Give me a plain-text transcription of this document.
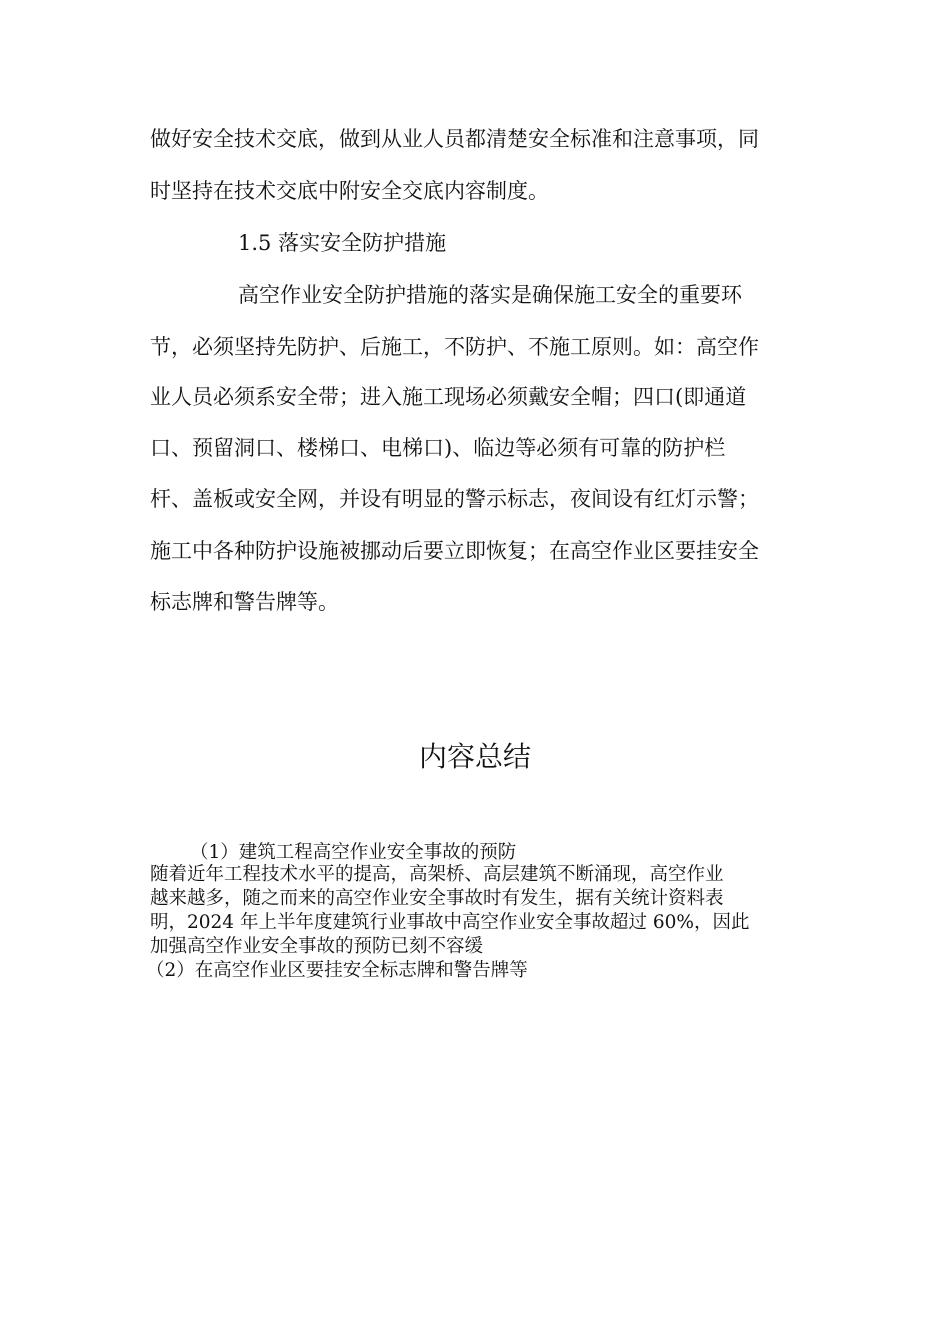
做好安全技术交底，做到从业人员都清楚安全标准和注意事项，同
时坚持在技术交底中附安全交底内容制度。
1.5 落实安全防护措施
高空作业安全防护措施的落实是确保施工安全的重要环
节，必须坚持先防护、后施工，不防护、不施工原则。如：高空作
业人员必须系安全带；进入施工现场必须戴安全帽；四口(即通道
口、预留洞口、楼梯口、电梯口)、临边等必须有可靠的防护栏
杆、盖板或安全网，并设有明显的警示标志，夜间设有红灯示警；
施工中各种防护设施被挪动后要立即恢复；在高空作业区要挂安全
标志牌和警告牌等。
内容总结
（1）建筑工程高空作业安全事故的预防
随着近年工程技术水平的提高，高架桥、高层建筑不断涌现，高空作业
越来越多，随之而来的高空作业安全事故时有发生，据有关统计资料表
明，2024 年上半年度建筑行业事故中高空作业安全事故超过 60%，因此
加强高空作业安全事故的预防已刻不容缓
（2）在高空作业区要挂安全标志牌和警告牌等
